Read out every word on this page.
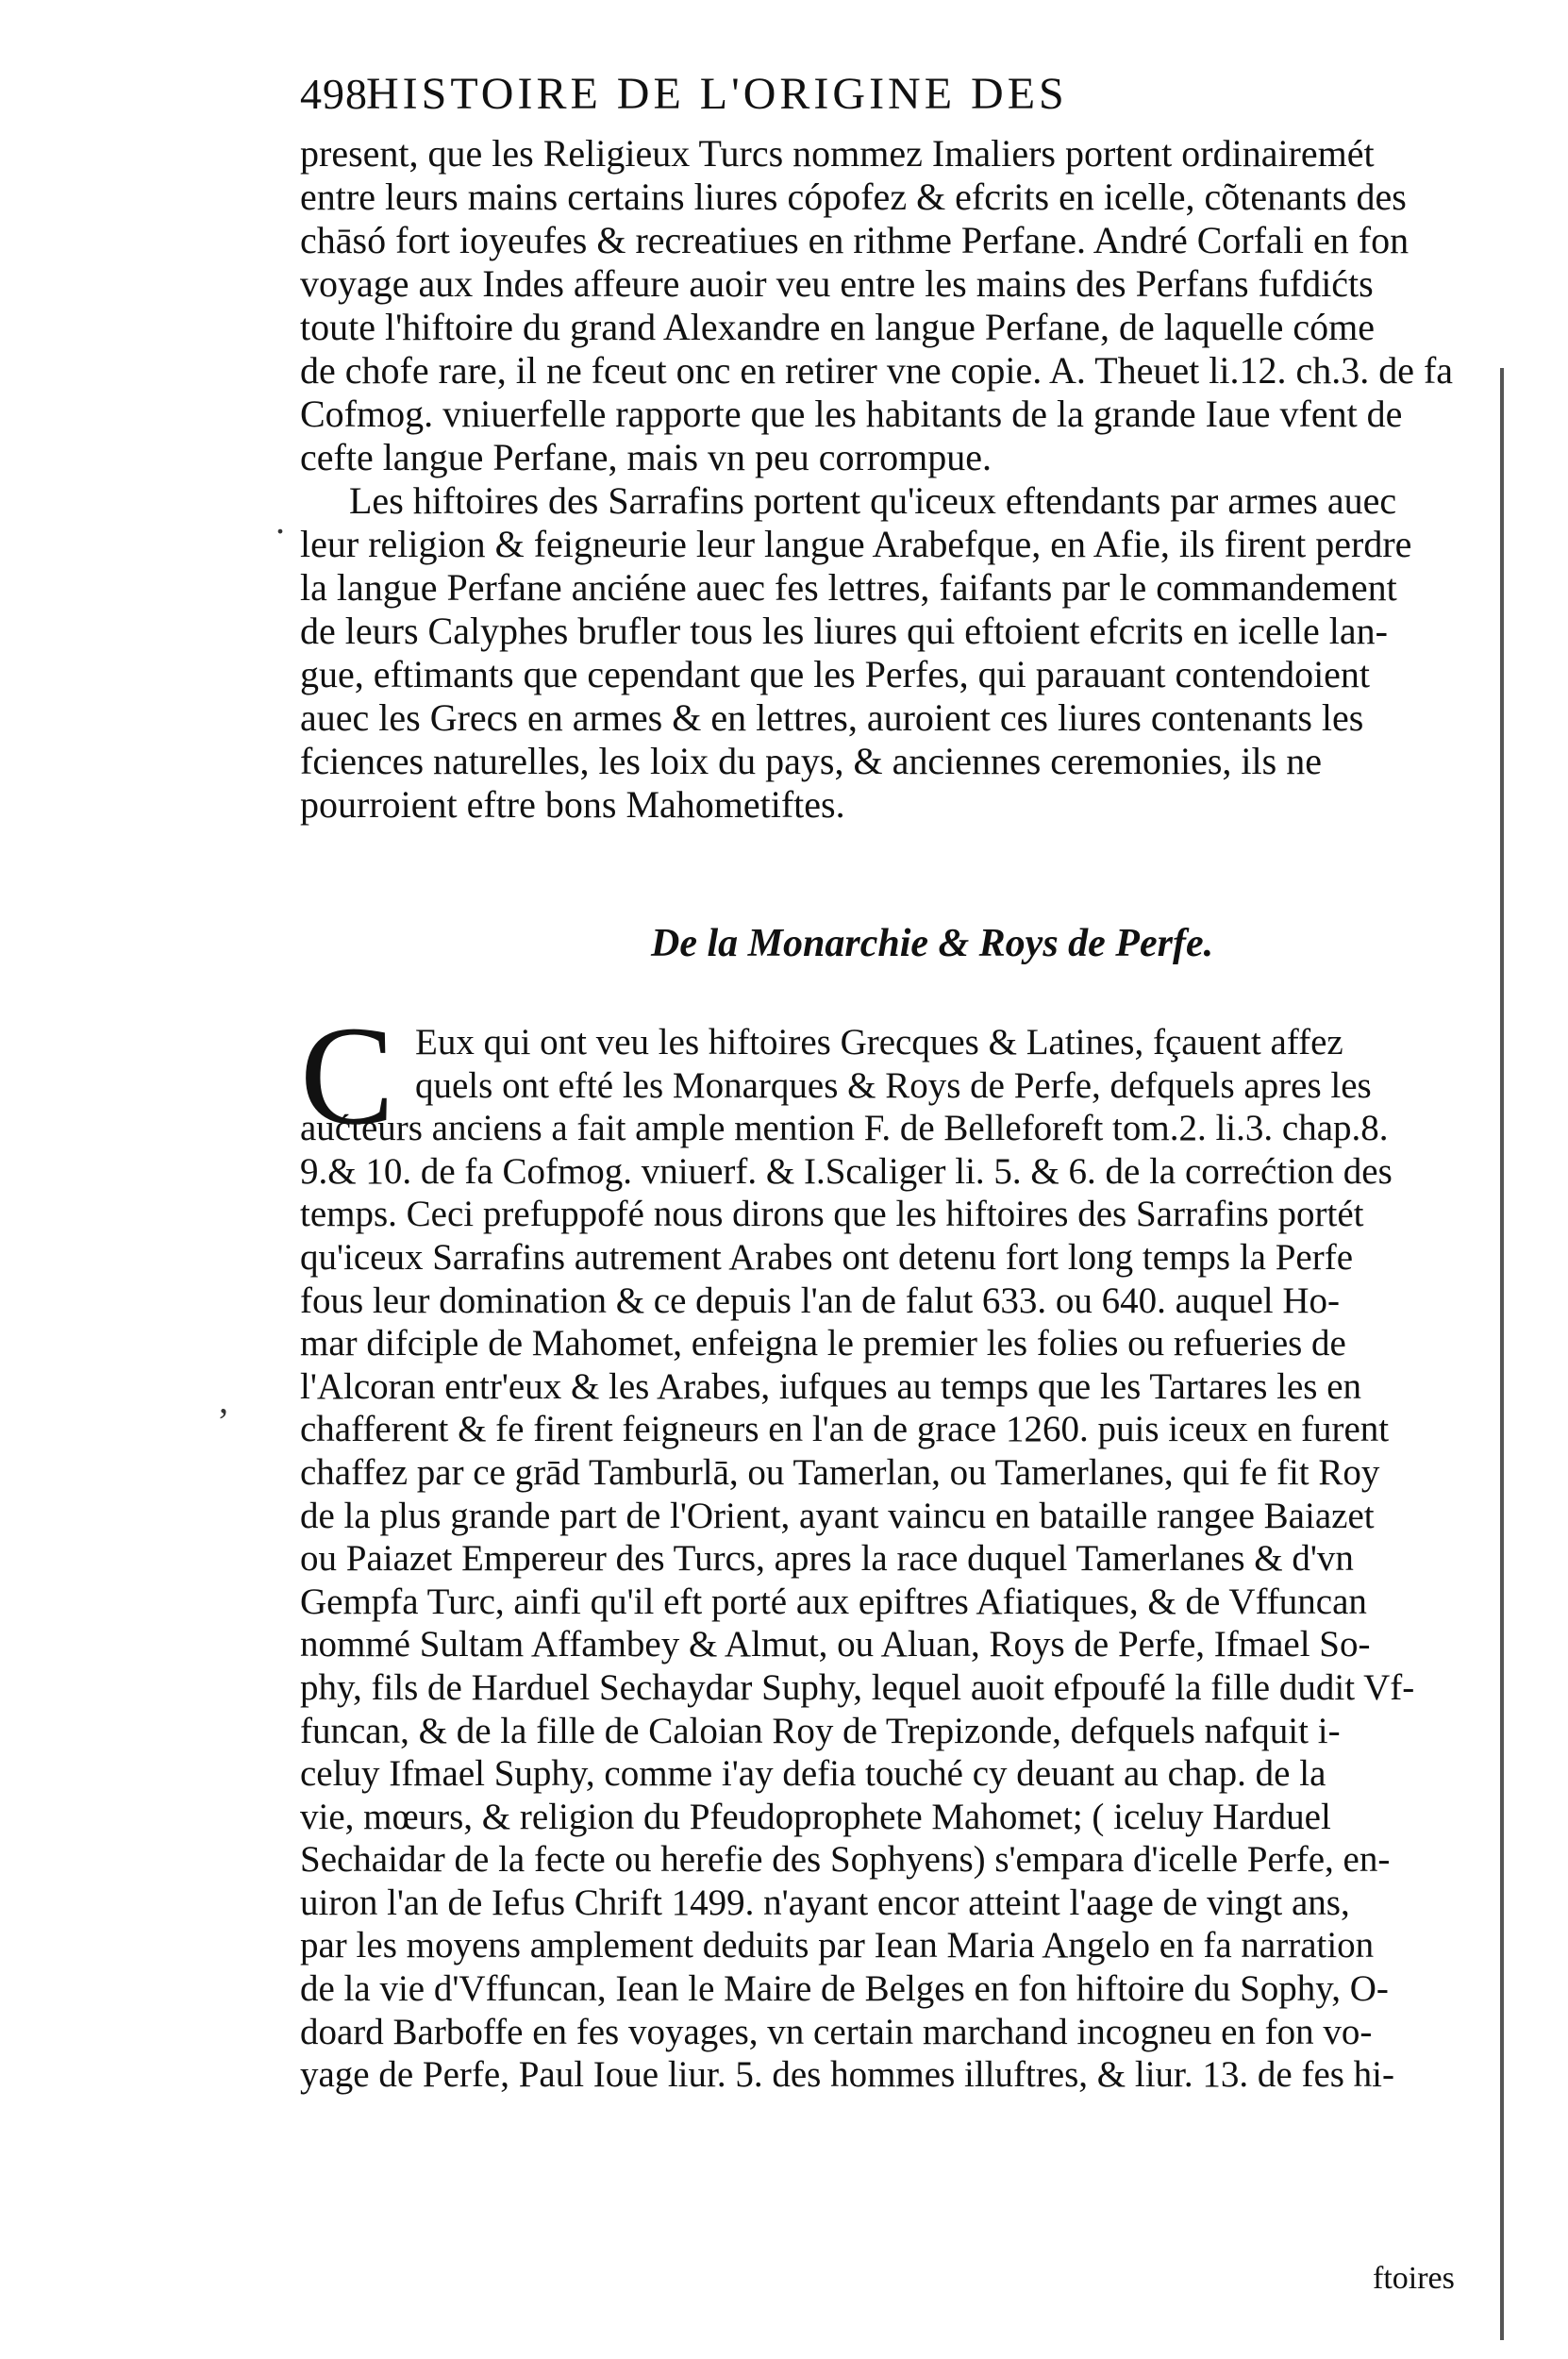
498
HISTOIRE DE L'ORIGINE DES
present, que les Religieux Turcs nommez Imaliers portent ordinairemét
entre leurs mains certains liures cópofez & efcrits en icelle, cõtenants des
chāsó fort ioyeufes & recreatiues en rithme Perfane. André Corfali en fon
voyage aux Indes affeure auoir veu entre les mains des Perfans fufdićts
toute l'hiftoire du grand Alexandre en langue Perfane, de laquelle cóme
de chofe rare, il ne fceut onc en retirer vne copie. A. Theuet li.12. ch.3. de fa
Cofmog. vniuerfelle rapporte que les habitants de la grande Iaue vfent de
cefte langue Perfane, mais vn peu corrompue.
Les hiftoires des Sarrafins portent qu'iceux eftendants par armes auec
leur religion & feigneurie leur langue Arabefque, en Afie, ils firent perdre
la langue Perfane anciéne auec fes lettres, faifants par le commandement
de leurs Calyphes brufler tous les liures qui eftoient efcrits en icelle lan-
gue, eftimants que cependant que les Perfes, qui parauant contendoient
auec les Grecs en armes & en lettres, auroient ces liures contenants les
fciences naturelles, les loix du pays, & anciennes ceremonies, ils ne
pourroient eftre bons Mahometiftes.
De la Monarchie & Roys de Perfe.
C Eux qui ont veu les hiftoires Grecques & Latines, fçauent affez
quels ont efté les Monarques & Roys de Perfe, defquels apres les
aućteurs anciens a fait ample mention F. de Belleforeft tom.2. li.3. chap.8.
9.& 10. de fa Cofmog. vniuerf. & I.Scaliger li. 5. & 6. de la correćtion des
temps. Ceci prefuppofé nous dirons que les hiftoires des Sarrafins portét
qu'iceux Sarrafins autrement Arabes ont detenu fort long temps la Perfe
fous leur domination & ce depuis l'an de falut 633. ou 640. auquel Ho-
mar difciple de Mahomet, enfeigna le premier les folies ou refueries de
l'Alcoran entr'eux & les Arabes, iufques au temps que les Tartares les en
chafferent & fe firent feigneurs en l'an de grace 1260. puis iceux en furent
chaffez par ce grād Tamburlā, ou Tamerlan, ou Tamerlanes, qui fe fit Roy
de la plus grande part de l'Orient, ayant vaincu en bataille rangee Baiazet
ou Paiazet Empereur des Turcs, apres la race duquel Tamerlanes & d'vn
Gempfa Turc, ainfi qu'il eft porté aux epiftres Afiatiques, & de Vffuncan
nommé Sultam Affambey & Almut, ou Aluan, Roys de Perfe, Ifmael So-
phy, fils de Harduel Sechaydar Suphy, lequel auoit efpoufé la fille dudit Vf-
funcan, & de la fille de Caloian Roy de Trepizonde, defquels nafquit i-
celuy Ifmael Suphy, comme i'ay defia touché cy deuant au chap. de la
vie, mœurs, & religion du Pfeudoprophete Mahomet; ( iceluy Harduel
Sechaidar de la fecte ou herefie des Sophyens) s'empara d'icelle Perfe, en-
uiron l'an de Iefus Chrift 1499. n'ayant encor atteint l'aage de vingt ans,
par les moyens amplement deduits par Iean Maria Angelo en fa narration
de la vie d'Vffuncan, Iean le Maire de Belges en fon hiftoire du Sophy, O-
doard Barboffe en fes voyages, vn certain marchand incogneu en fon vo-
yage de Perfe, Paul Ioue liur. 5. des hommes illuftres, & liur. 13. de fes hi-
ftoires
.
,
